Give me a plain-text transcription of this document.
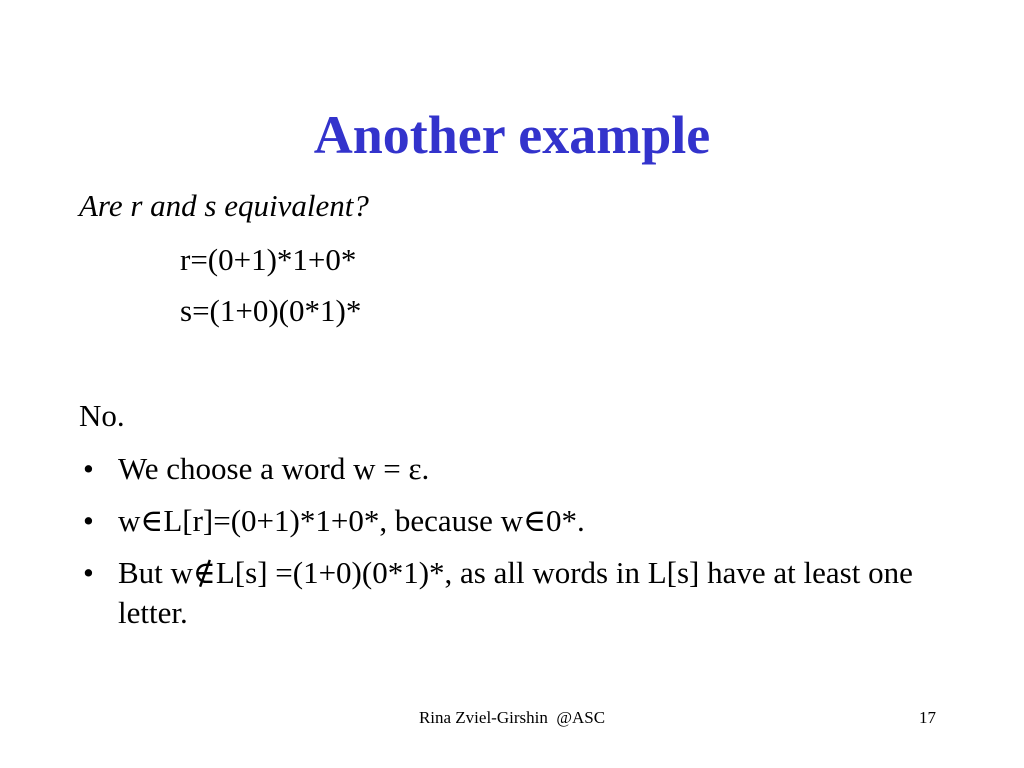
Another example
Are r and s equivalent?
r=(0+1)*1+0*
s=(1+0)(0*1)*
No.
• We choose a word w = ε.
• w∈L[r]=(0+1)*1+0*, because w∈0*.
• But w∉L[s] =(1+0)(0*1)*, as all words in L[s] have at least one letter.
Rina Zviel-Girshin  @ASC	17
